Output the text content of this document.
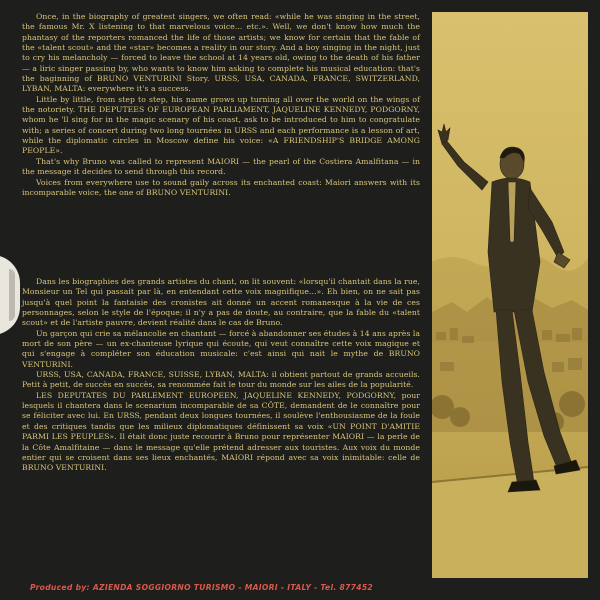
Once, in the biography of greatest singers, we often read: «while he was singing in the street, the famous Mr. X listening to that marvelous voice... etc.». Well, we don't know how much the phantasy of the reporters romanced the life of those artists; we know for certain that the fable of the «talent scout» and the «star» becomes a reality in our story. And a boy singing in the night, just to cry his melancholy — forced to leave the school at 14 years old, owing to the death of his father — a liric singer passing by, who wants to know him asking to complete his musical education: that's the baginning of BRUNO VENTURINI Story. URSS, USA, CANADA, FRANCE, SWITZERLAND, LYBAN, MALTA: everywhere it's a success.

Little by little, from step to step, his name grows up turning all over the world on the wings of the notoriety. THE DEPUTEES OF EUROPEAN PARLIAMENT, JAQUELINE KENNEDY, PODGORNY, whom he 'll sing for in the magic scenary of his coast, ask to be introduced to him to congratulate with; a series of concert during two long tournées in URSS and each performance is a lesson of art, while the diplomatic circles in Moscow define his voice: «A FRIENDSHIP'S BRIDGE AMONG PEOPLE».

That's why Bruno was called to represent MAIORI — the pearl of the Costiera Amalfitana — in the message it decides to send through this record.

Voices from everywhere use to sound gaily across its enchanted coast: Maiori answers with its incomparable voice, the one of BRUNO VENTURINI.

Dans les biographies des grands artistes du chant, on lit souvent: «lorsqu'il chantait dans la rue, Monsieur un Tel qui passait par là, en entendant cette voix magnifique...». Eh bien, on ne sait pas jusqu'à quel point la fantaisie des cronistes ait donné un accent romanesque à la vie de ces personnages, selon le style de l'époque; il n'y a pas de doute, au contraire, que la fable du «talent scout» et de l'artiste pauvre, devient réalité dans le cas de Bruno.

Un garçon qui crie sa mélancolie en chantant — forcé à abandonner ses études à 14 ans après la mort de son père — un ex-chanteuse lyrique qui écoute, qui veut connaître cette voix magique et qui s'engage à compléter son éducation musicale: c'est ainsi qui nait le mythe de BRUNO VENTURINI.

URSS, USA, CANADA, FRANCE, SUISSE, LYBAN, MALTA: il obtient partout de grands accueils. Petit à petit, de succès en succès, sa renommée fait le tour du monde sur les ailes de la popularité.

LES DEPUTATES DU PARLEMENT EUROPEEN, JAQUELINE KENNEDY, PODGORNY, pour lesquels il chantera dans le scenarium incomparable de sa CÔTE, demandent de le connaître pour se féliciter avec lui. En URSS, pendant deux longues tournées, il soulève l'enthousiasme de la foule et des critiques tandis que les milieux diplomatiques définissent sa voix «UN POINT D'AMITIE PARMI LES PEUPLES». Il était donc juste recourir à Bruno pour représenter MAIORI — la perle de la Côte Amalfitaine — dans le message qu'elle prétend adresser aux touristes. Aux voix du monde entier qui se croisent dans ses lieux enchantés, MAIORI répond avec sa voix inimitable: celle de BRUNO VENTURINI.

Produced by: AZIENDA SOGGIORNO TURISMO - MAIORI - ITALY - Tel. 877452
